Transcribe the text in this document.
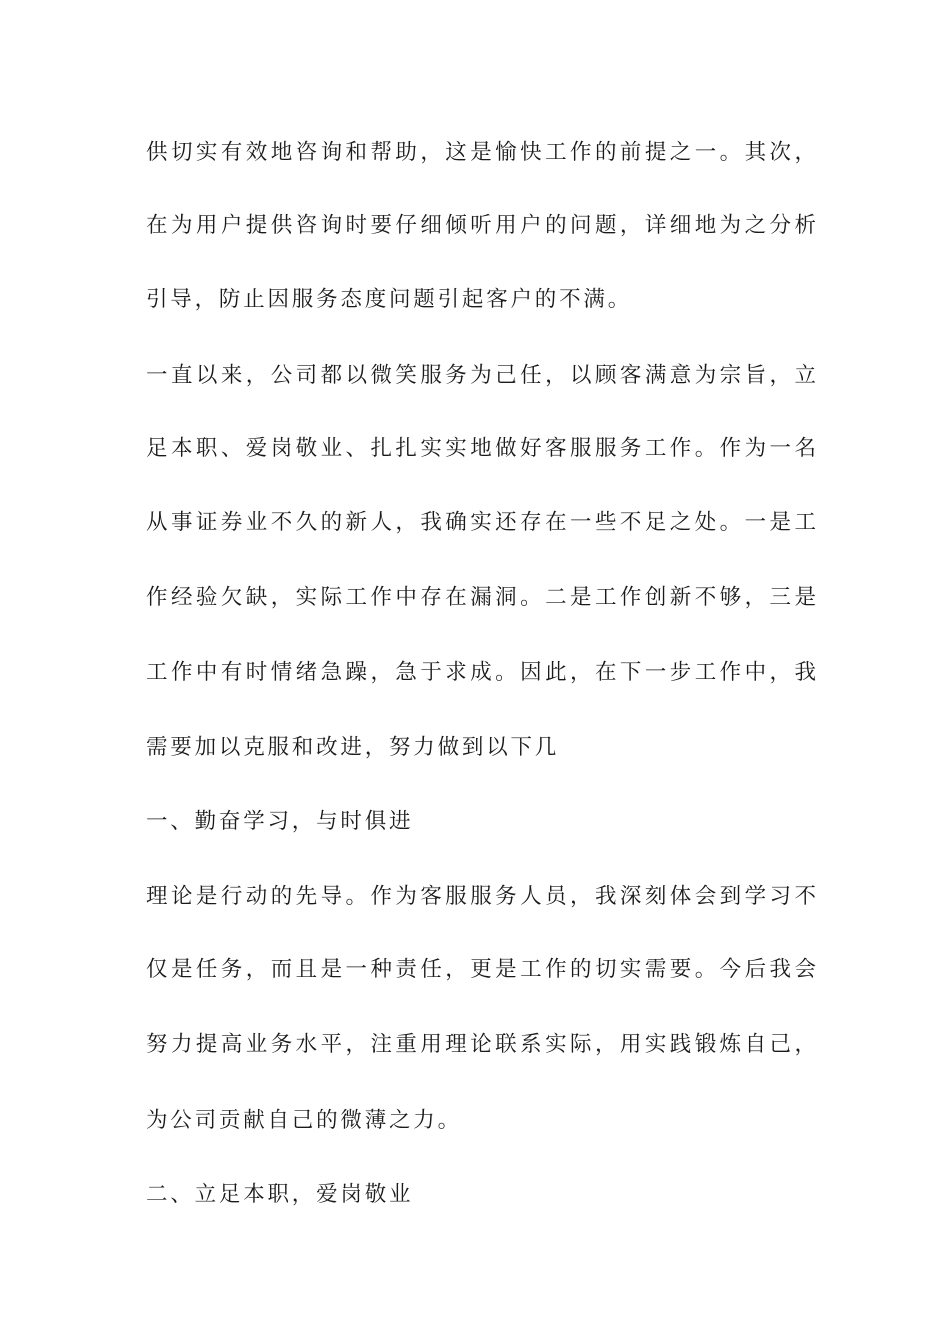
供切实有效地咨询和帮助，这是愉快工作的前提之一。其次，
在为用户提供咨询时要仔细倾听用户的问题，详细地为之分析
引导，防止因服务态度问题引起客户的不满。
一直以来，公司都以微笑服务为己任，以顾客满意为宗旨，立
足本职、爱岗敬业、扎扎实实地做好客服服务工作。作为一名
从事证券业不久的新人，我确实还存在一些不足之处。一是工
作经验欠缺，实际工作中存在漏洞。二是工作创新不够，三是
工作中有时情绪急躁，急于求成。因此，在下一步工作中，我
需要加以克服和改进，努力做到以下几
一、勤奋学习，与时俱进
理论是行动的先导。作为客服服务人员，我深刻体会到学习不
仅是任务，而且是一种责任，更是工作的切实需要。今后我会
努力提高业务水平，注重用理论联系实际，用实践锻炼自己，
为公司贡献自己的微薄之力。
二、立足本职，爱岗敬业
